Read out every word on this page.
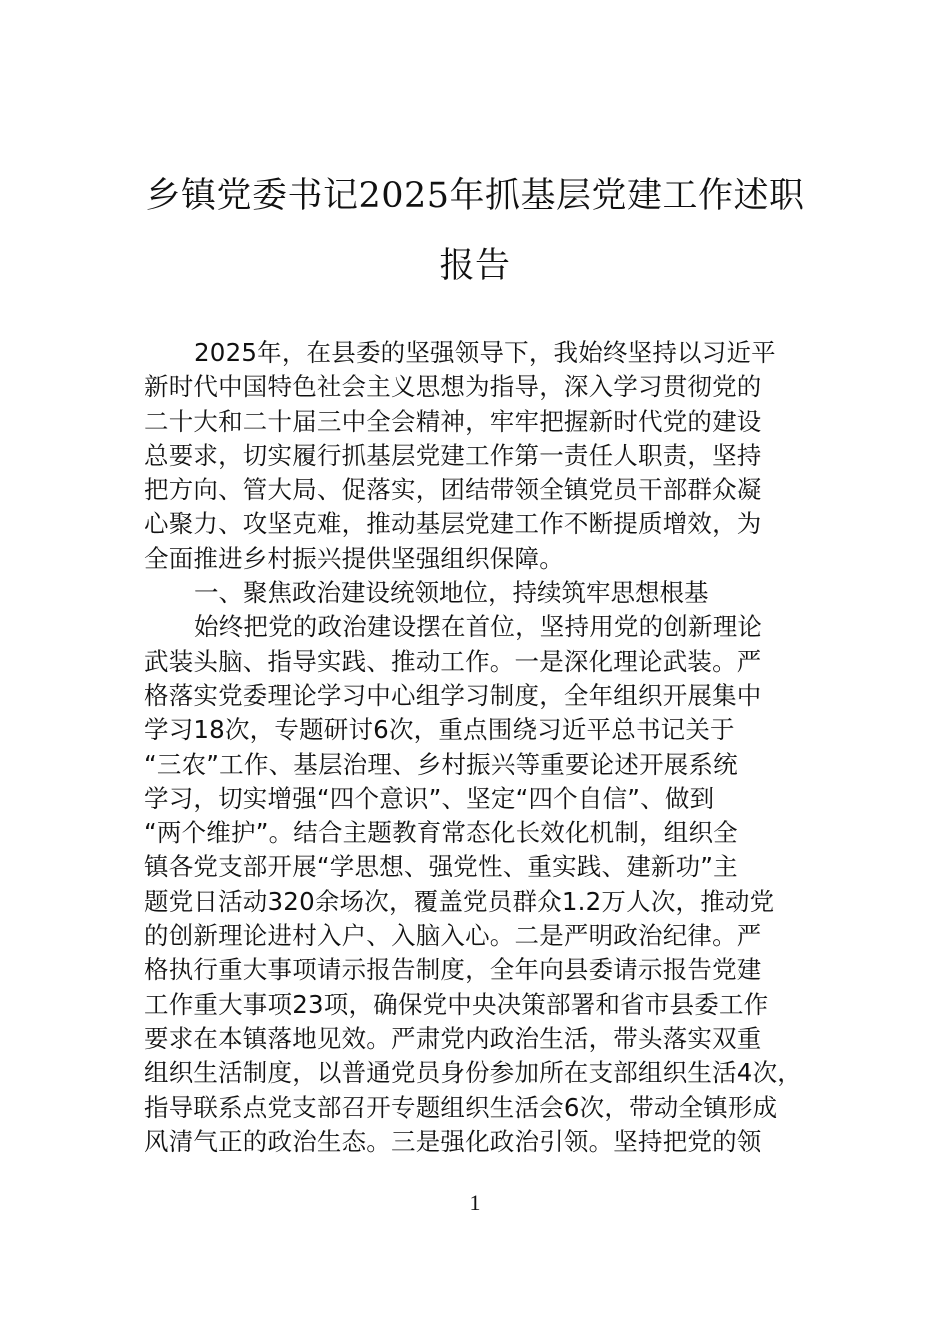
乡镇党委书记2025年抓基层党建工作述职
报告
2025年，在县委的坚强领导下，我始终坚持以习近平
新时代中国特色社会主义思想为指导，深入学习贯彻党的
二十大和二十届三中全会精神，牢牢把握新时代党的建设
总要求，切实履行抓基层党建工作第一责任人职责，坚持
把方向、管大局、促落实，团结带领全镇党员干部群众凝
心聚力、攻坚克难，推动基层党建工作不断提质增效，为
全面推进乡村振兴提供坚强组织保障。
一、聚焦政治建设统领地位，持续筑牢思想根基
始终把党的政治建设摆在首位，坚持用党的创新理论
武装头脑、指导实践、推动工作。一是深化理论武装。严
格落实党委理论学习中心组学习制度，全年组织开展集中
学习18次，专题研讨6次，重点围绕习近平总书记关于
“三农”工作、基层治理、乡村振兴等重要论述开展系统
学习，切实增强“四个意识”、坚定“四个自信”、做到
“两个维护”。结合主题教育常态化长效化机制，组织全
镇各党支部开展“学思想、强党性、重实践、建新功”主
题党日活动320余场次，覆盖党员群众1.2万人次，推动党
的创新理论进村入户、入脑入心。二是严明政治纪律。严
格执行重大事项请示报告制度，全年向县委请示报告党建
工作重大事项23项，确保党中央决策部署和省市县委工作
要求在本镇落地见效。严肃党内政治生活，带头落实双重
组织生活制度，以普通党员身份参加所在支部组织生活4次，
指导联系点党支部召开专题组织生活会6次，带动全镇形成
风清气正的政治生态。三是强化政治引领。坚持把党的领
1
